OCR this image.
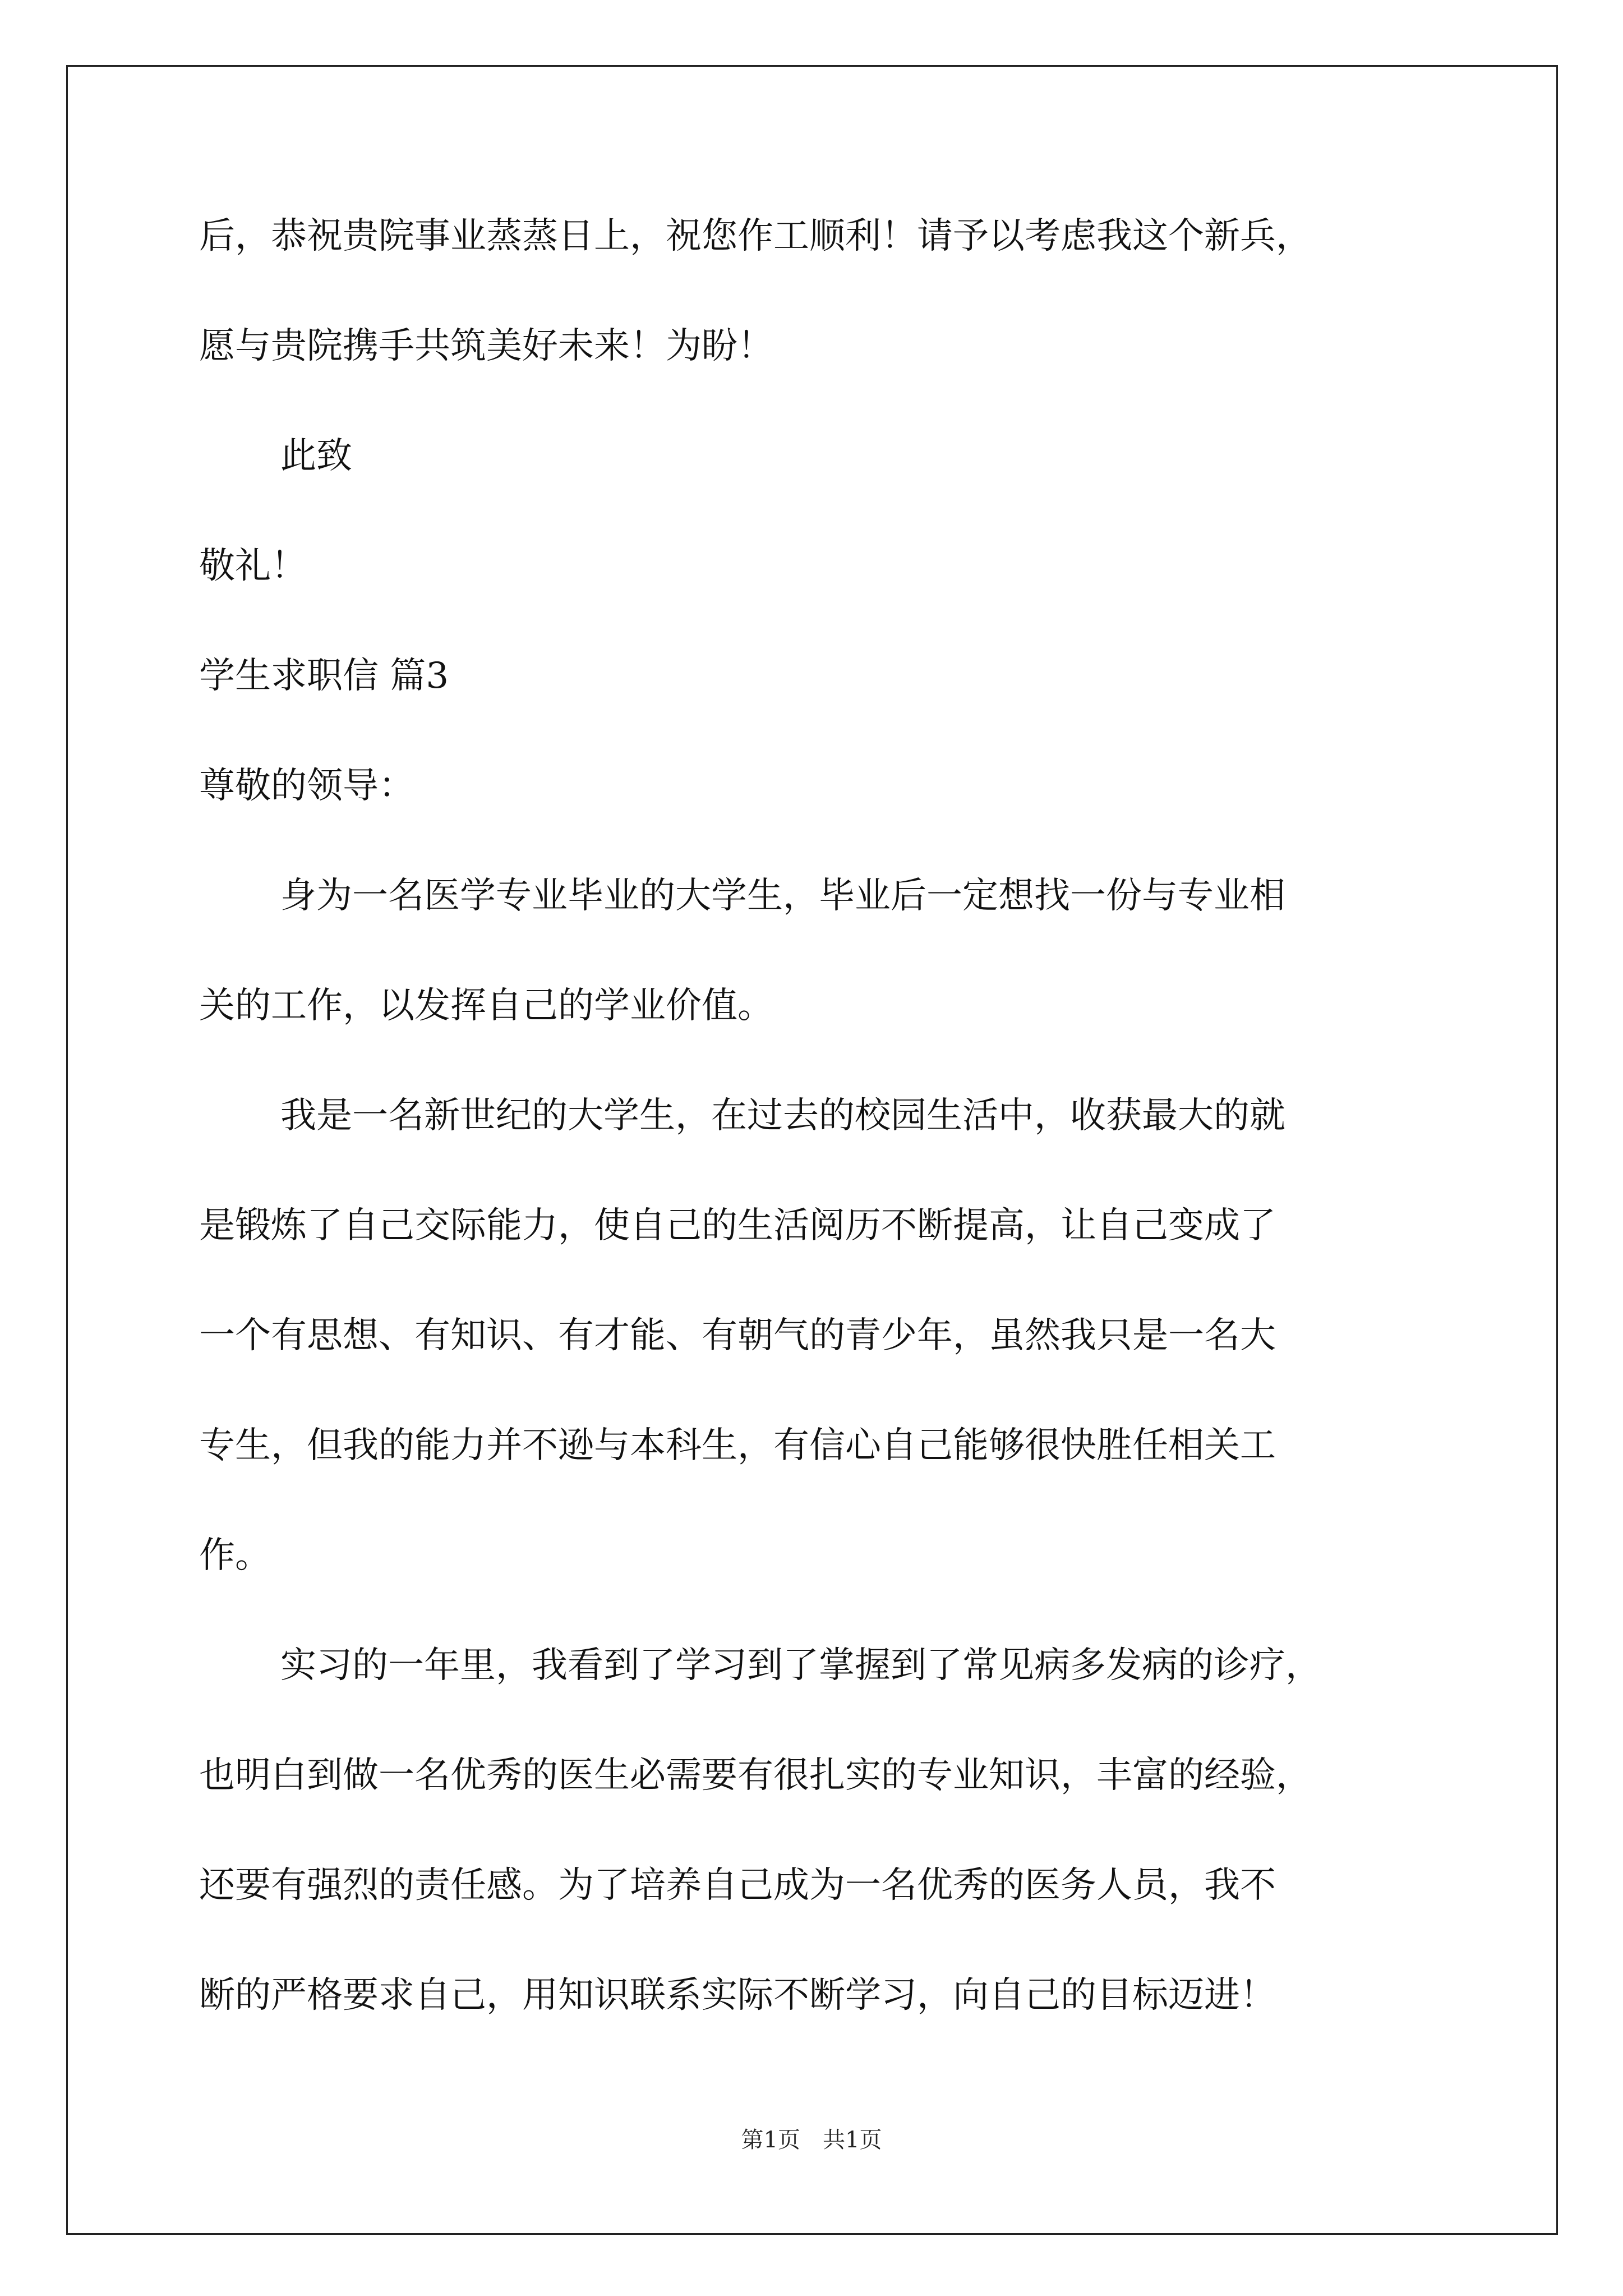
后，恭祝贵院事业蒸蒸日上，祝您作工顺利！请予以考虑我这个新兵，
愿与贵院携手共筑美好未来！为盼！
此致
敬礼！
学生求职信 篇3
尊敬的领导：
身为一名医学专业毕业的大学生，毕业后一定想找一份与专业相
关的工作，以发挥自己的学业价值。
我是一名新世纪的大学生，在过去的校园生活中，收获最大的就
是锻炼了自己交际能力，使自己的生活阅历不断提高，让自己变成了
一个有思想、有知识、有才能、有朝气的青少年，虽然我只是一名大
专生，但我的能力并不逊与本科生，有信心自己能够很快胜任相关工
作。
实习的一年里，我看到了学习到了掌握到了常见病多发病的诊疗，
也明白到做一名优秀的医生必需要有很扎实的专业知识，丰富的经验，
还要有强烈的责任感。为了培养自己成为一名优秀的医务人员，我不
断的严格要求自己，用知识联系实际不断学习，向自己的目标迈进！
第1页　共1页
